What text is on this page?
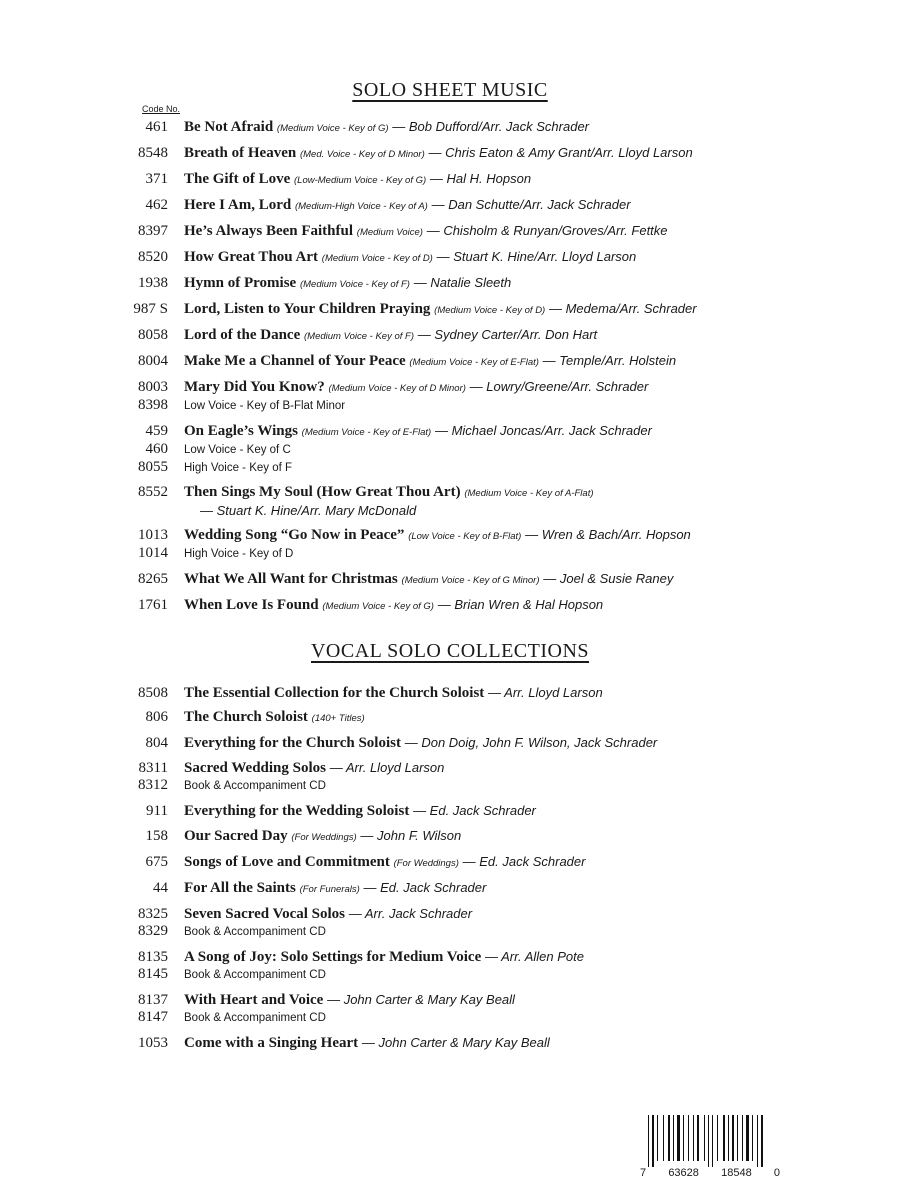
SOLO SHEET MUSIC
Code No.
461	Be Not Afraid (Medium Voice - Key of G) — Bob Dufford/Arr. Jack Schrader
8548	Breath of Heaven (Med. Voice - Key of D Minor) — Chris Eaton & Amy Grant/Arr. Lloyd Larson
371	The Gift of Love (Low-Medium Voice - Key of G) — Hal H. Hopson
462	Here I Am, Lord (Medium-High Voice - Key of A) — Dan Schutte/Arr. Jack Schrader
8397	He’s Always Been Faithful (Medium Voice) — Chisholm & Runyan/Groves/Arr. Fettke
8520	How Great Thou Art (Medium Voice - Key of D) — Stuart K. Hine/Arr. Lloyd Larson
1938	Hymn of Promise (Medium Voice - Key of F) — Natalie Sleeth
987 S	Lord, Listen to Your Children Praying (Medium Voice - Key of D) — Medema/Arr. Schrader
8058	Lord of the Dance (Medium Voice - Key of F) — Sydney Carter/Arr. Don Hart
8004	Make Me a Channel of Your Peace (Medium Voice - Key of E-Flat) — Temple/Arr. Holstein
8003	Mary Did You Know? (Medium Voice - Key of D Minor) — Lowry/Greene/Arr. Schrader
8398	Low Voice - Key of B-Flat Minor
459	On Eagle’s Wings (Medium Voice - Key of E-Flat) — Michael Joncas/Arr. Jack Schrader
460	Low Voice - Key of C
8055	High Voice - Key of F
8552	Then Sings My Soul (How Great Thou Art) (Medium Voice - Key of A-Flat)
— Stuart K. Hine/Arr. Mary McDonald
1013	Wedding Song “Go Now in Peace” (Low Voice - Key of B-Flat) — Wren & Bach/Arr. Hopson
1014	High Voice - Key of D
8265	What We All Want for Christmas (Medium Voice - Key of G Minor) — Joel & Susie Raney
1761	When Love Is Found (Medium Voice - Key of G) — Brian Wren & Hal Hopson
VOCAL SOLO COLLECTIONS
8508	The Essential Collection for the Church Soloist — Arr. Lloyd Larson
806	The Church Soloist (140+ Titles)
804	Everything for the Church Soloist — Don Doig, John F. Wilson, Jack Schrader
8311	Sacred Wedding Solos — Arr. Lloyd Larson
8312	Book & Accompaniment CD
911	Everything for the Wedding Soloist — Ed. Jack Schrader
158	Our Sacred Day (For Weddings) — John F. Wilson
675	Songs of Love and Commitment (For Weddings) — Ed. Jack Schrader
44	For All the Saints (For Funerals) — Ed. Jack Schrader
8325	Seven Sacred Vocal Solos — Arr. Jack Schrader
8329	Book & Accompaniment CD
8135	A Song of Joy: Solo Settings for Medium Voice — Arr. Allen Pote
8145	Book & Accompaniment CD
8137	With Heart and Voice — John Carter & Mary Kay Beall
8147	Book & Accompaniment CD
1053	Come with a Singing Heart — John Carter & Mary Kay Beall
7 63628 18548 0
